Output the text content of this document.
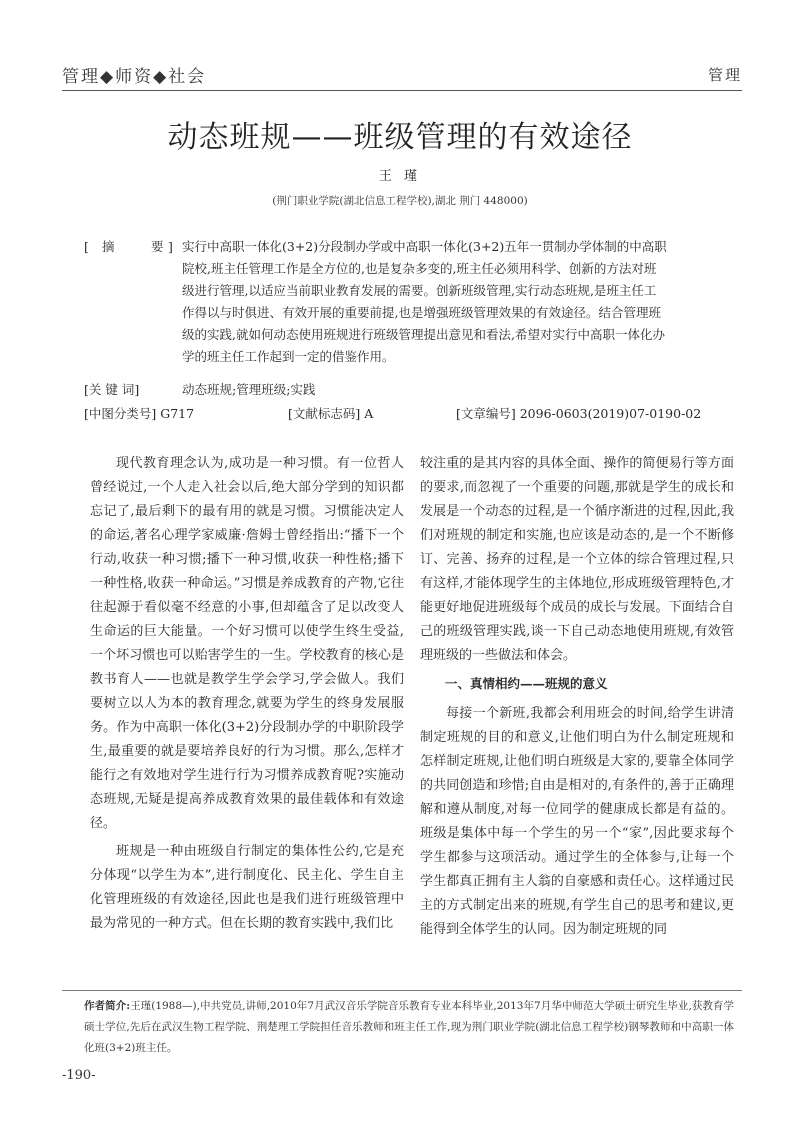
管理◆师资◆社会	管理
动态班规——班级管理的有效途径
王 瑾
(荆门职业学院(湖北信息工程学校),湖北 荆门 448000)
[ 摘	要 ] 实行中高职一体化(3+2)分段制办学或中高职一体化(3+2)五年一贯制办学体制的中高职
院校,班主任管理工作是全方位的,也是复杂多变的,班主任必须用科学、创新的方法对班
级进行管理,以适应当前职业教育发展的需要。创新班级管理,实行动态班规,是班主任工
作得以与时俱进、有效开展的重要前提,也是增强班级管理效果的有效途径。结合管理班
级的实践,就如何动态使用班规进行班级管理提出意见和看法,希望对实行中高职一体化办
学的班主任工作起到一定的借鉴作用。
[关 键 词]	动态班规;管理班级;实践
[中图分类号] G717	[文献标志码] A	[文章编号] 2096-0603(2019)07-0190-02

现代教育理念认为,成功是一种习惯。有一位哲人曾经说过,一个人走入社会以后,绝大部分学到的知识都忘记了,最后剩下的最有用的就是习惯。习惯能决定人的命运,著名心理学家威廉·詹姆士曾经指出:“播下一个行动,收获一种习惯;播下一种习惯,收获一种性格;播下一种性格,收获一种命运。”习惯是养成教育的产物,它往往起源于看似毫不经意的小事,但却蕴含了足以改变人生命运的巨大能量。一个好习惯可以使学生终生受益,一个坏习惯也可以贻害学生的一生。学校教育的核心是教书育人——也就是教学生学会学习,学会做人。我们要树立以人为本的教育理念,就要为学生的终身发展服务。作为中高职一体化(3+2)分段制办学的中职阶段学生,最重要的就是要培养良好的行为习惯。那么,怎样才能行之有效地对学生进行行为习惯养成教育呢?实施动态班规,无疑是提高养成教育效果的最佳载体和有效途径。

班规是一种由班级自行制定的集体性公约,它是充分体现“以学生为本”,进行制度化、民主化、学生自主化管理班级的有效途径,因此也是我们进行班级管理中最为常见的一种方式。但在长期的教育实践中,我们比

较注重的是其内容的具体全面、操作的简便易行等方面的要求,而忽视了一个重要的问题,那就是学生的成长和发展是一个动态的过程,是一个循序渐进的过程,因此,我们对班规的制定和实施,也应该是动态的,是一个不断修订、完善、扬弃的过程,是一个立体的综合管理过程,只有这样,才能体现学生的主体地位,形成班级管理特色,才能更好地促进班级每个成员的成长与发展。下面结合自己的班级管理实践,谈一下自己动态地使用班规,有效管理班级的一些做法和体会。

一、真情相约——班规的意义

每接一个新班,我都会利用班会的时间,给学生讲清制定班规的目的和意义,让他们明白为什么制定班规和怎样制定班规,让他们明白班级是大家的,要靠全体同学的共同创造和珍惜;自由是相对的,有条件的,善于正确理解和遵从制度,对每一位同学的健康成长都是有益的。班级是集体中每一个学生的另一个“家”,因此要求每个学生都参与这项活动。通过学生的全体参与,让每一个学生都真正拥有主人翁的自豪感和责任心。这样通过民主的方式制定出来的班规,有学生自己的思考和建议,更能得到全体学生的认同。因为制定班规的同

作者简介:王瑾(1988—),中共党员,讲师,2010年7月武汉音乐学院音乐教育专业本科毕业,2013年7月华中师范大学硕士研究生毕业,获教育学硕士学位,先后在武汉生物工程学院、荆楚理工学院担任音乐教师和班主任工作,现为荆门职业学院(湖北信息工程学校)钢琴教师和中高职一体化班(3+2)班主任。
-190-
